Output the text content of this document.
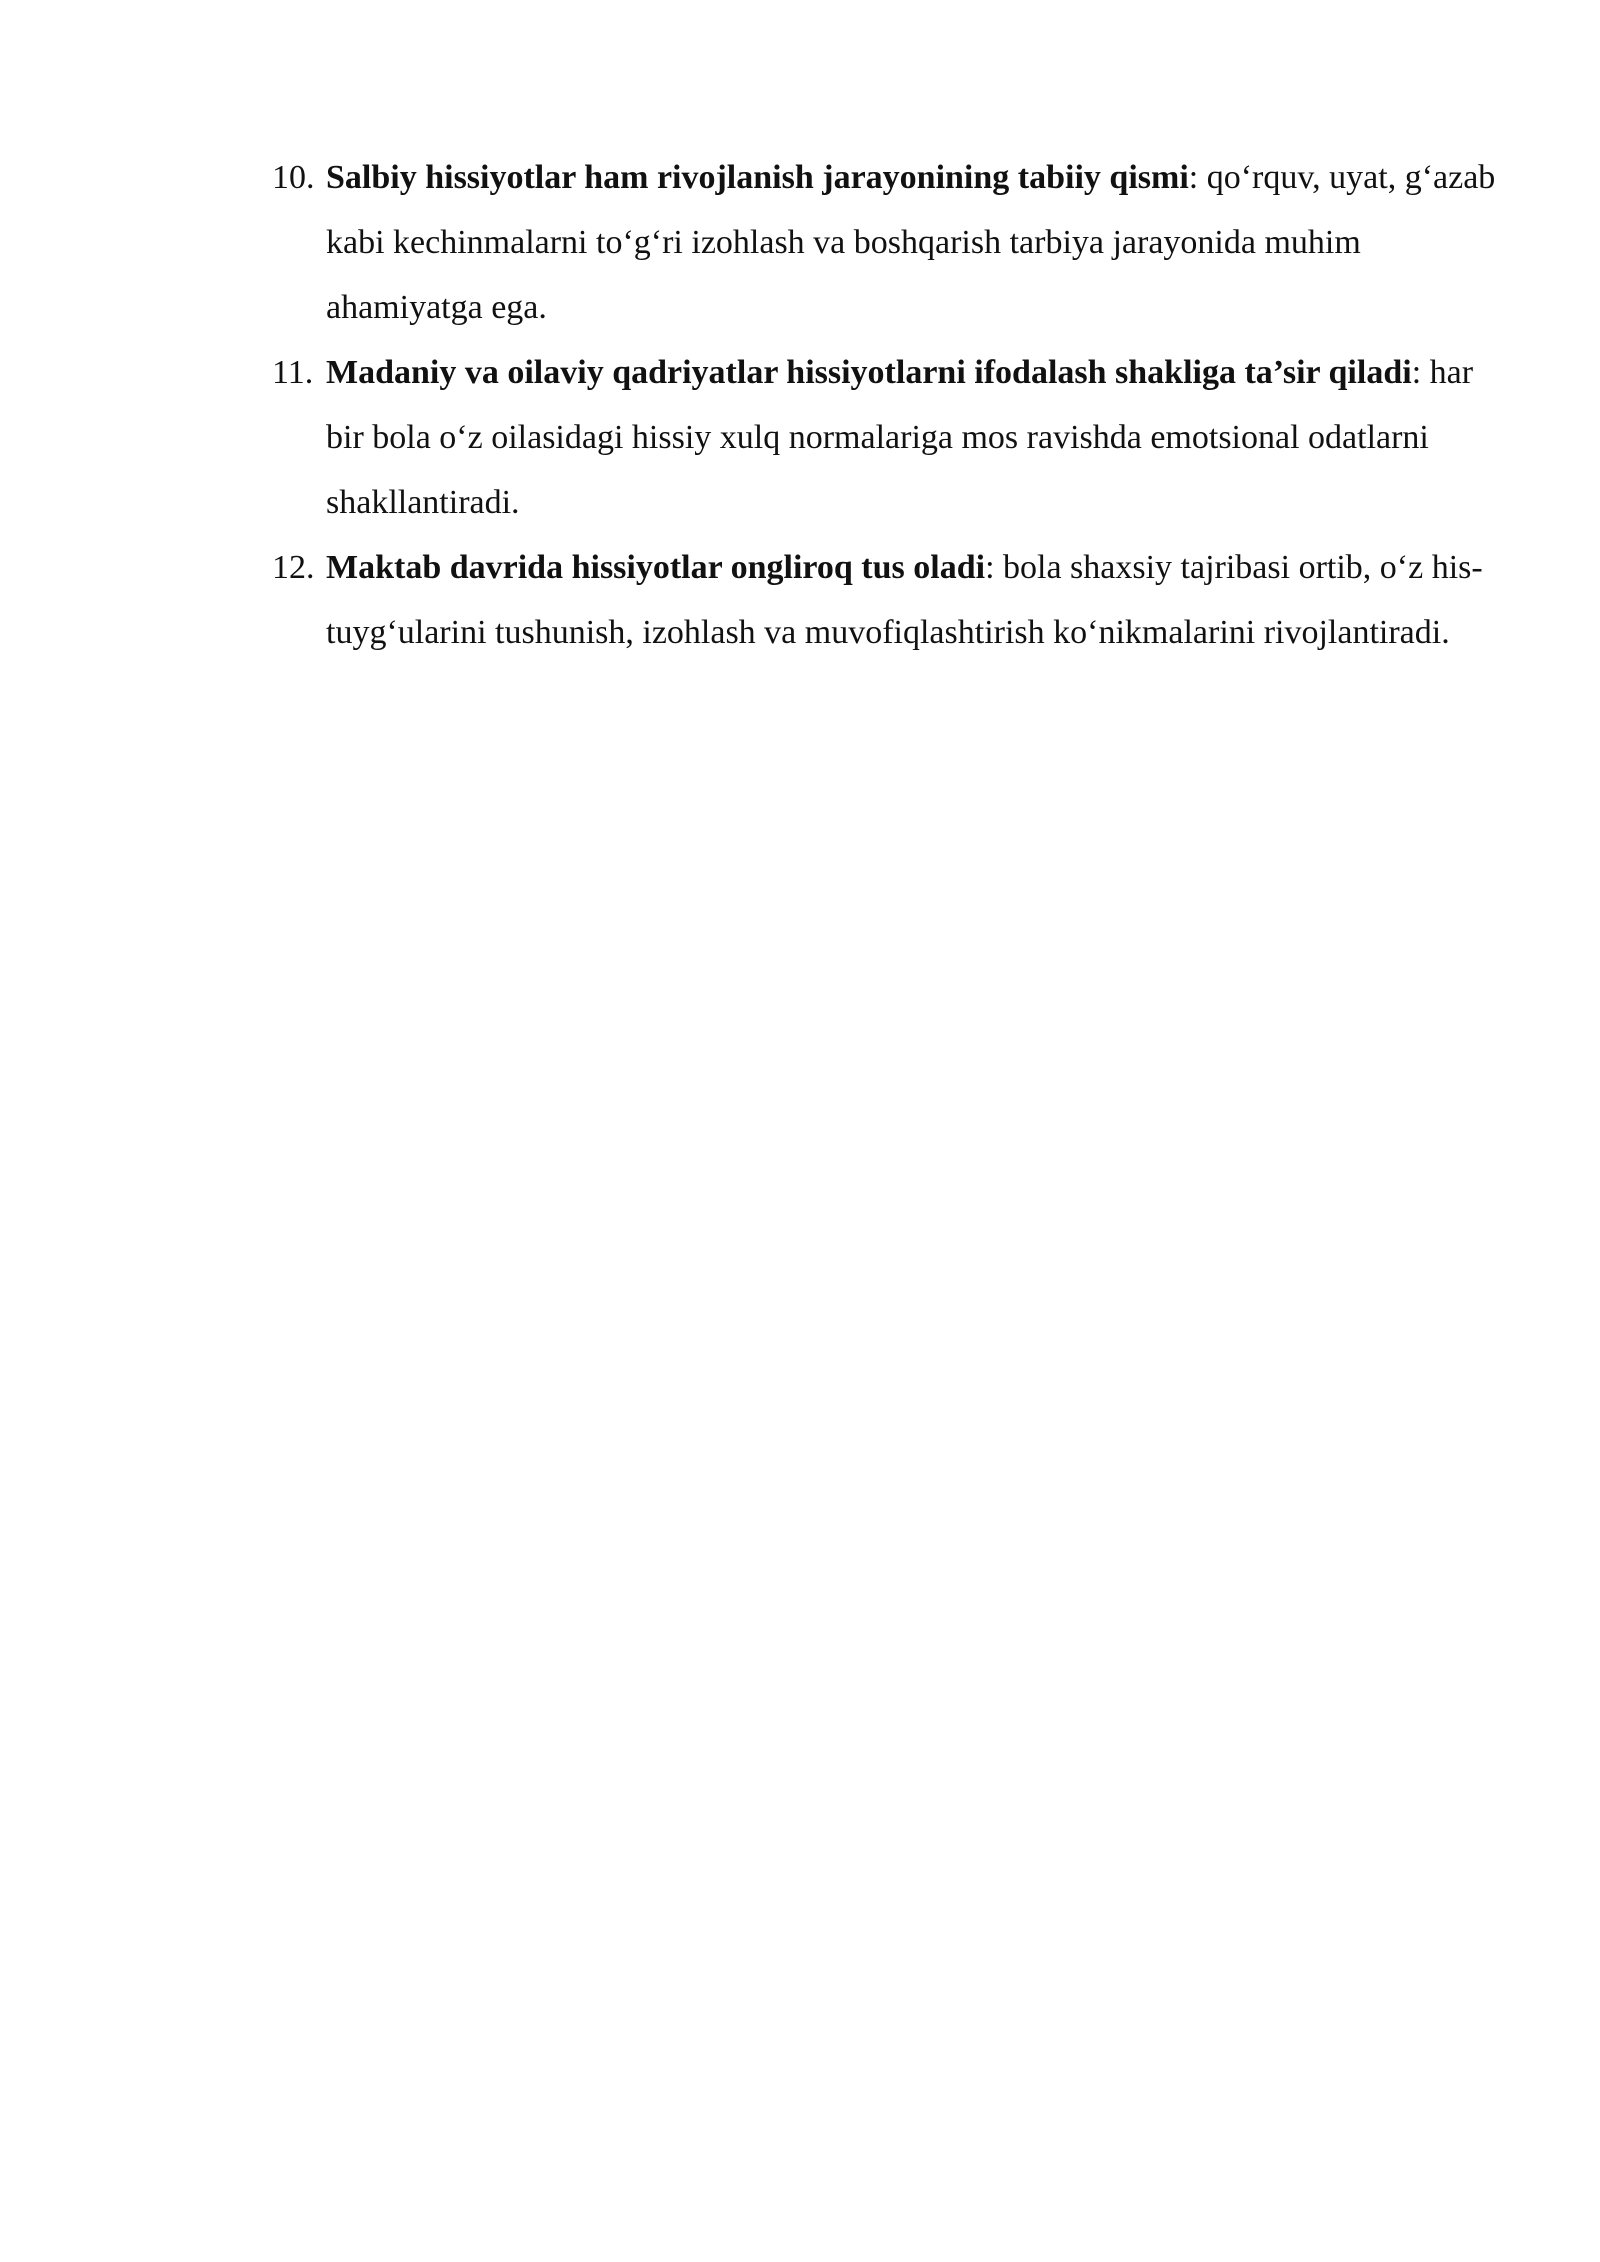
10. Salbiy hissiyotlar ham rivojlanish jarayonining tabiiy qismi: qo‘rquv, uyat, g‘azab kabi kechinmalarni to‘g‘ri izohlash va boshqarish tarbiya jarayonida muhim ahamiyatga ega.
11. Madaniy va oilaviy qadriyatlar hissiyotlarni ifodalash shakliga ta’sir qiladi: har bir bola o‘z oilasidagi hissiy xulq normalariga mos ravishda emotsional odatlarni shakllantiradi.
12. Maktab davrida hissiyotlar ongliroq tus oladi: bola shaxsiy tajribasi ortib, o‘z his-tuyg‘ularini tushunish, izohlash va muvofiqlashtirish ko‘nikmalarini rivojlantiradi.
